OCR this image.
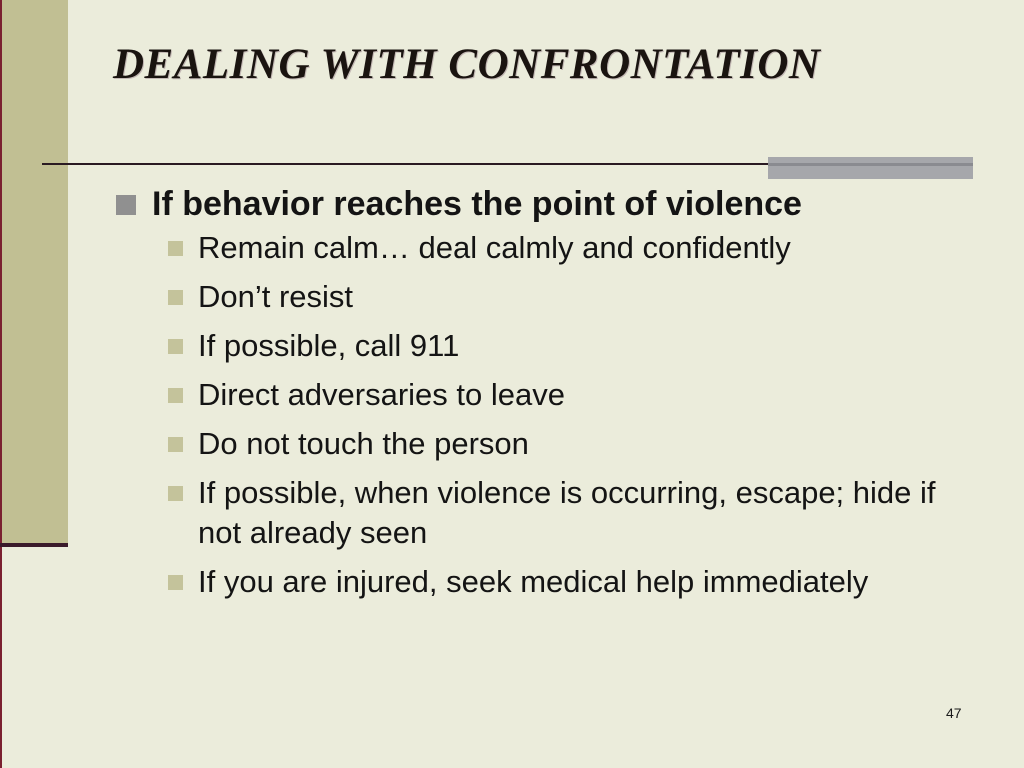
DEALING WITH CONFRONTATION
If behavior reaches the point of violence
Remain calm… deal calmly and confidently
Don’t resist
If possible, call 911
Direct adversaries to leave
Do not touch the person
If possible, when violence is occurring, escape; hide if not already seen
If you are injured, seek medical help immediately
47
